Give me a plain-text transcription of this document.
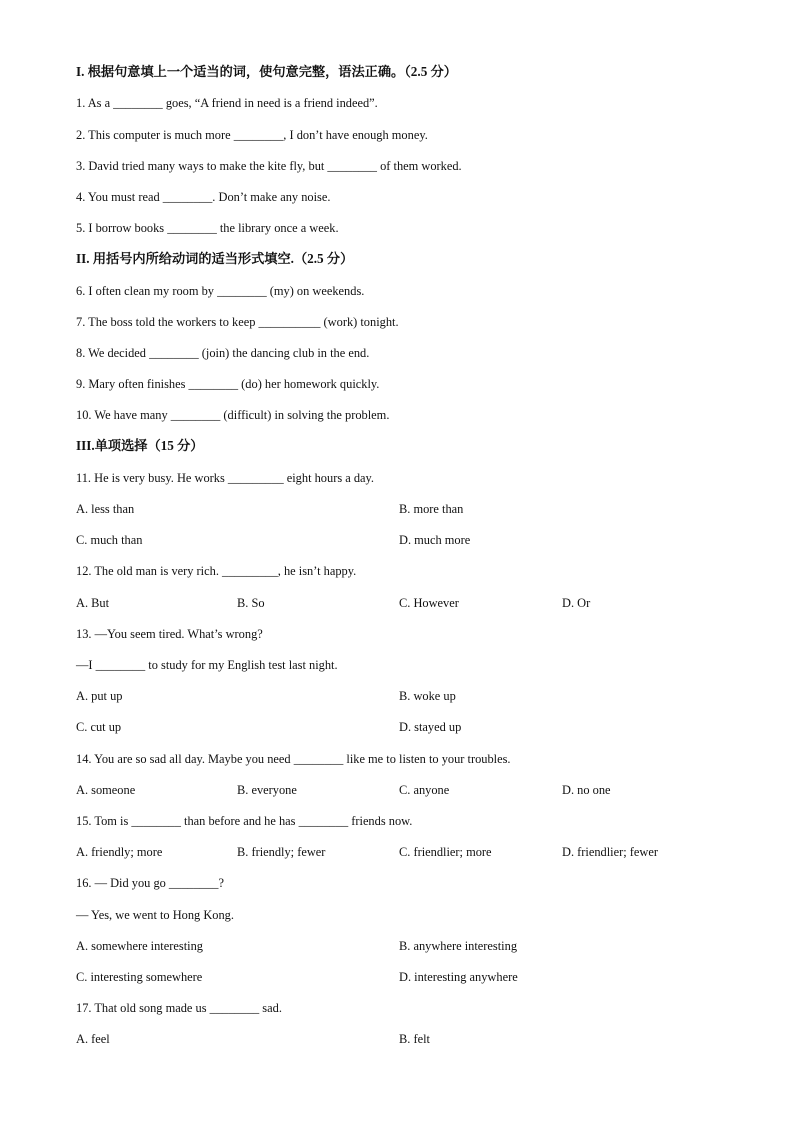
I. 根据句意填上一个适当的词，使句意完整，语法正确。（2.5 分）
1. As a ________ goes, “A friend in need is a friend indeed”.
2. This computer is much more ________, I don’t have enough money.
3. David tried many ways to make the kite fly, but ________ of them worked.
4. You must read ________. Don’t make any noise.
5. I borrow books ________ the library once a week.
II. 用括号内所给动词的适当形式填空.（2.5 分）
6. I often clean my room by ________ (my) on weekends.
7. The boss told the workers to keep __________ (work) tonight.
8. We decided ________ (join) the dancing club in the end.
9. Mary often finishes ________ (do) her homework quickly.
10. We have many ________ (difficult) in solving the problem.
III.单项选择（15 分）
11. He is very busy. He works _________ eight hours a day.
A. less than	B. more than
C. much than	D. much more
12. The old man is very rich. _________, he isn’t happy.
A. But	B. So	C. However	D. Or
13. —You seem tired. What’s wrong?
—I ________ to study for my English test last night.
A. put up	B. woke up
C. cut up	D. stayed up
14. You are so sad all day. Maybe you need ________ like me to listen to your troubles.
A. someone	B. everyone	C. anyone	D. no one
15. Tom is ________ than before and he has ________ friends now.
A. friendly; more	B. friendly; fewer	C. friendlier; more	D. friendlier; fewer
16. — Did you go ________?
— Yes, we went to Hong Kong.
A. somewhere interesting	B. anywhere interesting
C. interesting somewhere	D. interesting anywhere
17. That old song made us ________ sad.
A. feel	B. felt
